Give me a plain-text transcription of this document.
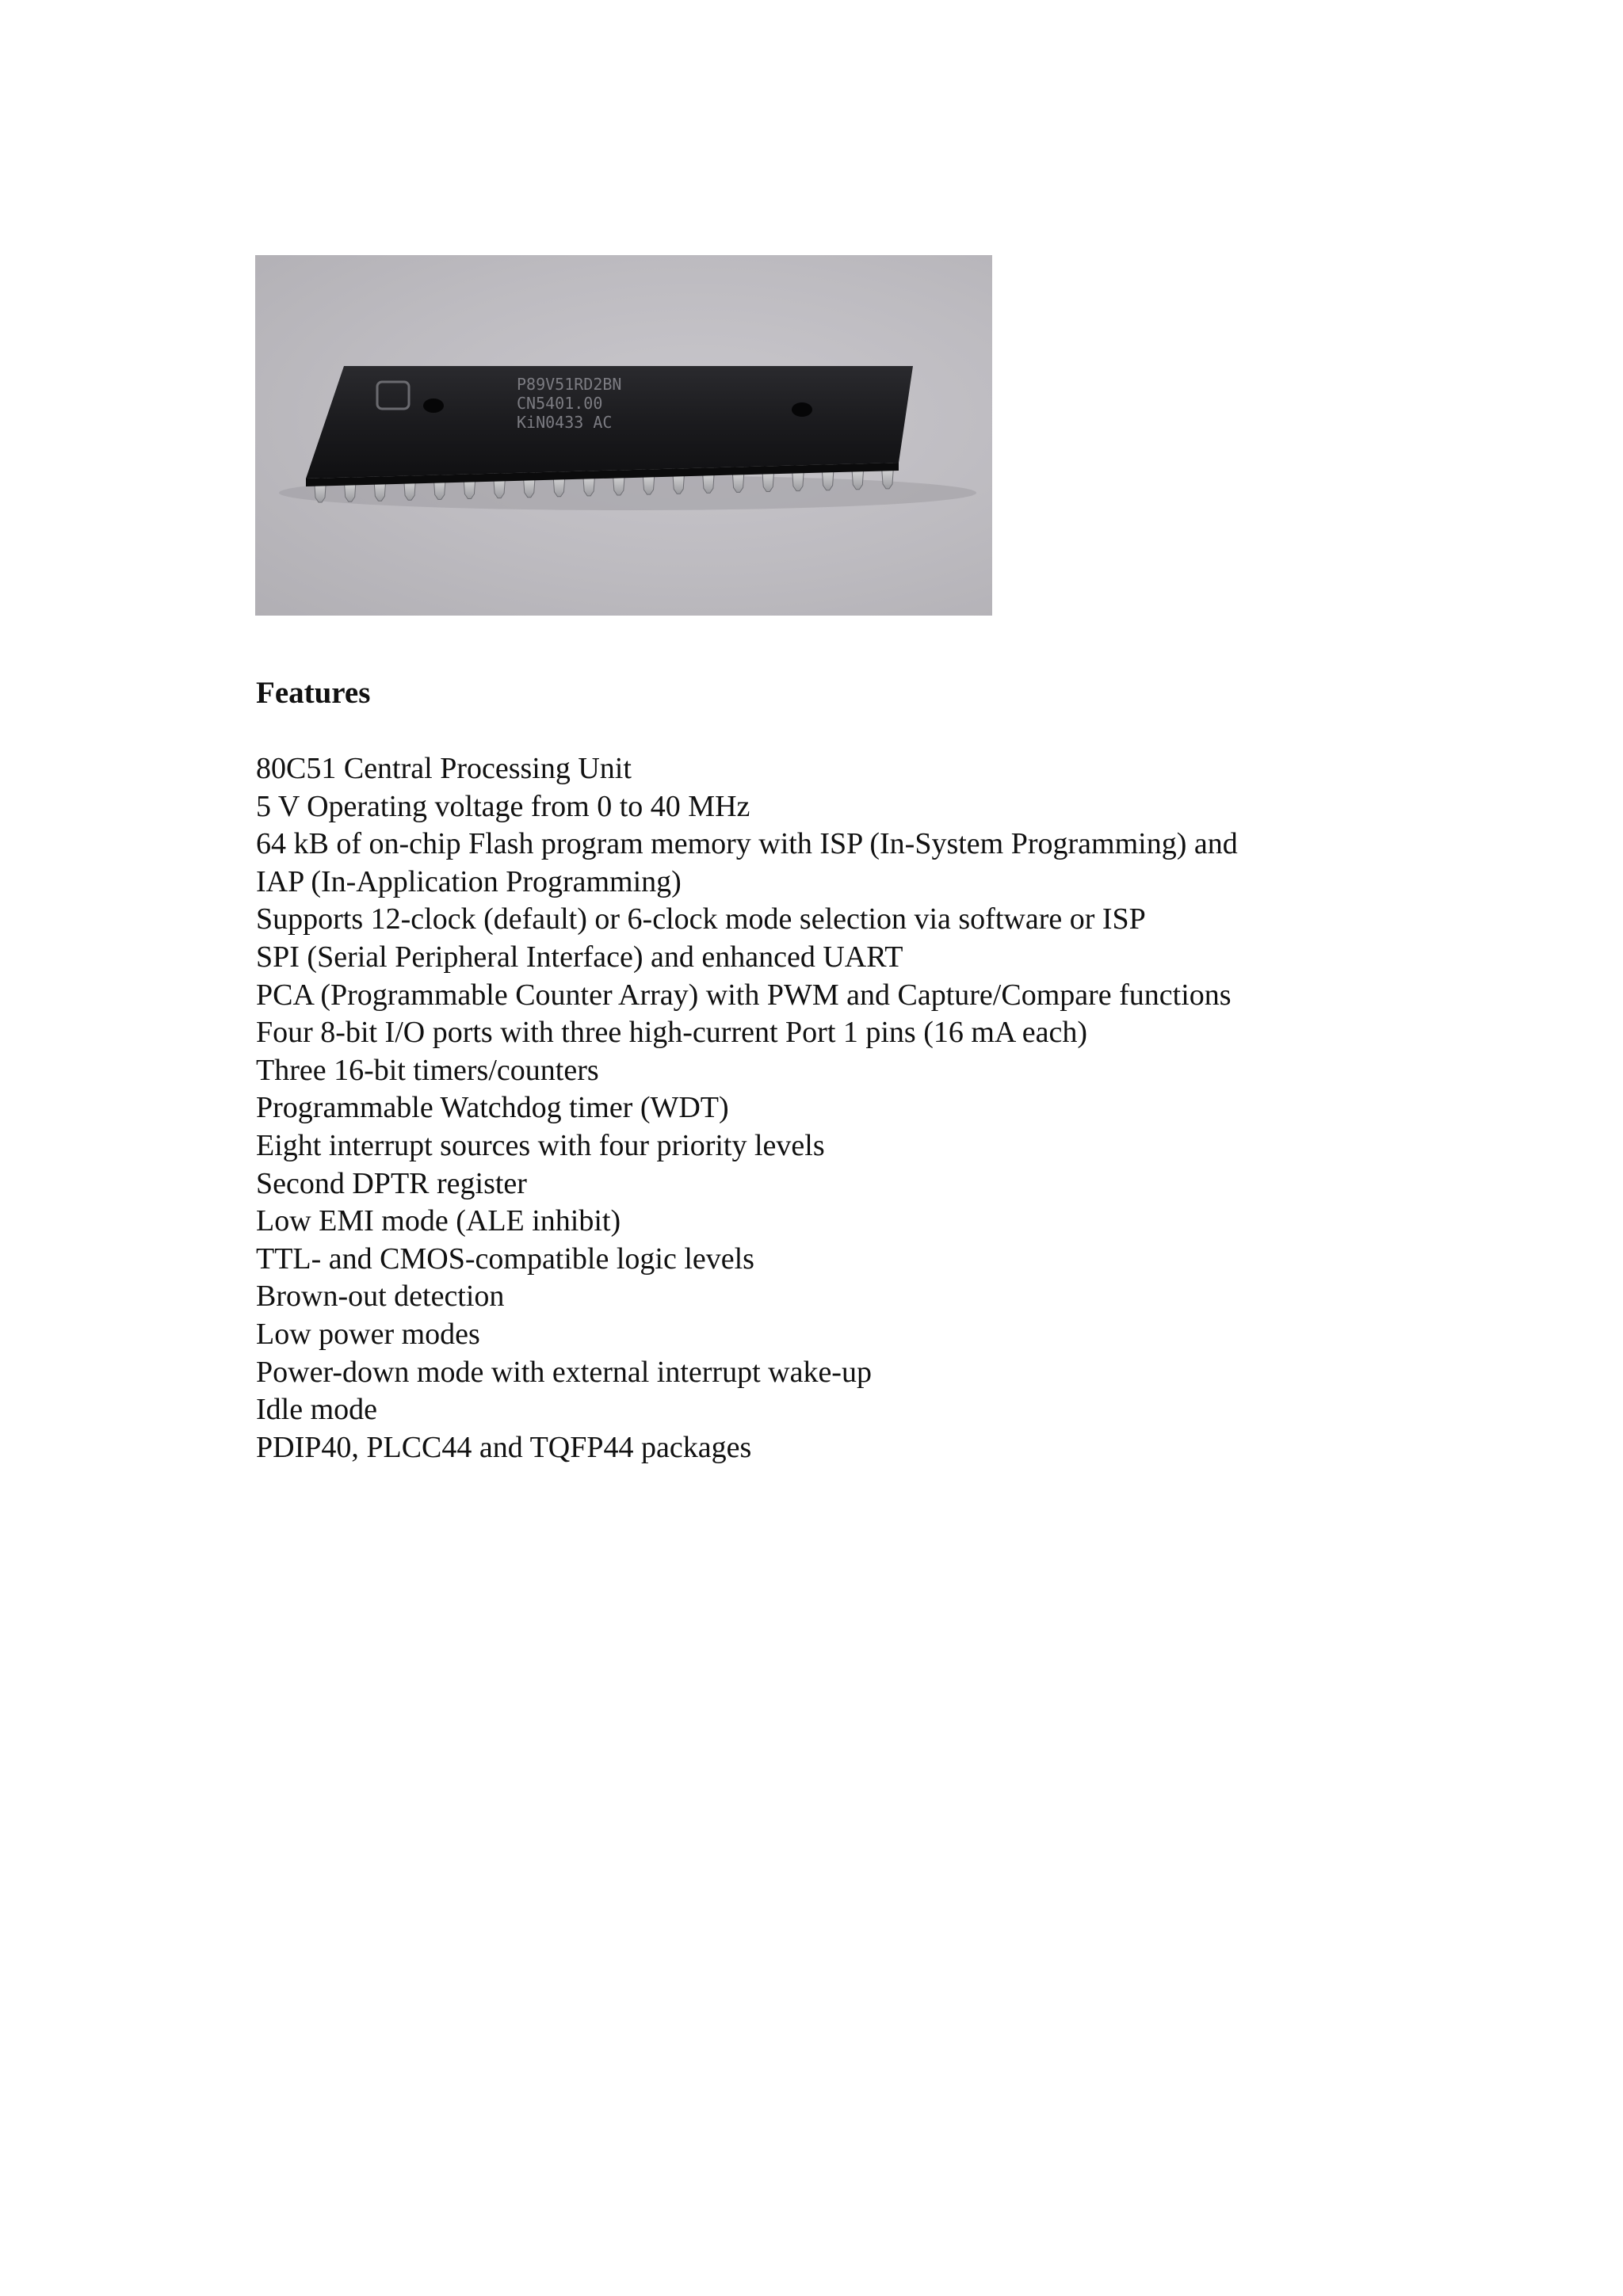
P89V51RD2BN
CN5401.00
KiN0433 AC
Features
80C51 Central Processing Unit
5 V Operating voltage from 0 to 40 MHz
64 kB of on-chip Flash program memory with ISP (In-System Programming) and
IAP (In-Application Programming)
Supports 12-clock (default) or 6-clock mode selection via software or ISP
SPI (Serial Peripheral Interface) and enhanced UART
PCA (Programmable Counter Array) with PWM and Capture/Compare functions
Four 8-bit I/O ports with three high-current Port 1 pins (16 mA each)
Three 16-bit timers/counters
Programmable Watchdog timer (WDT)
Eight interrupt sources with four priority levels
Second DPTR register
Low EMI mode (ALE inhibit)
TTL- and CMOS-compatible logic levels
Brown-out detection
Low power modes
Power-down mode with external interrupt wake-up
Idle mode
PDIP40, PLCC44 and TQFP44 packages
